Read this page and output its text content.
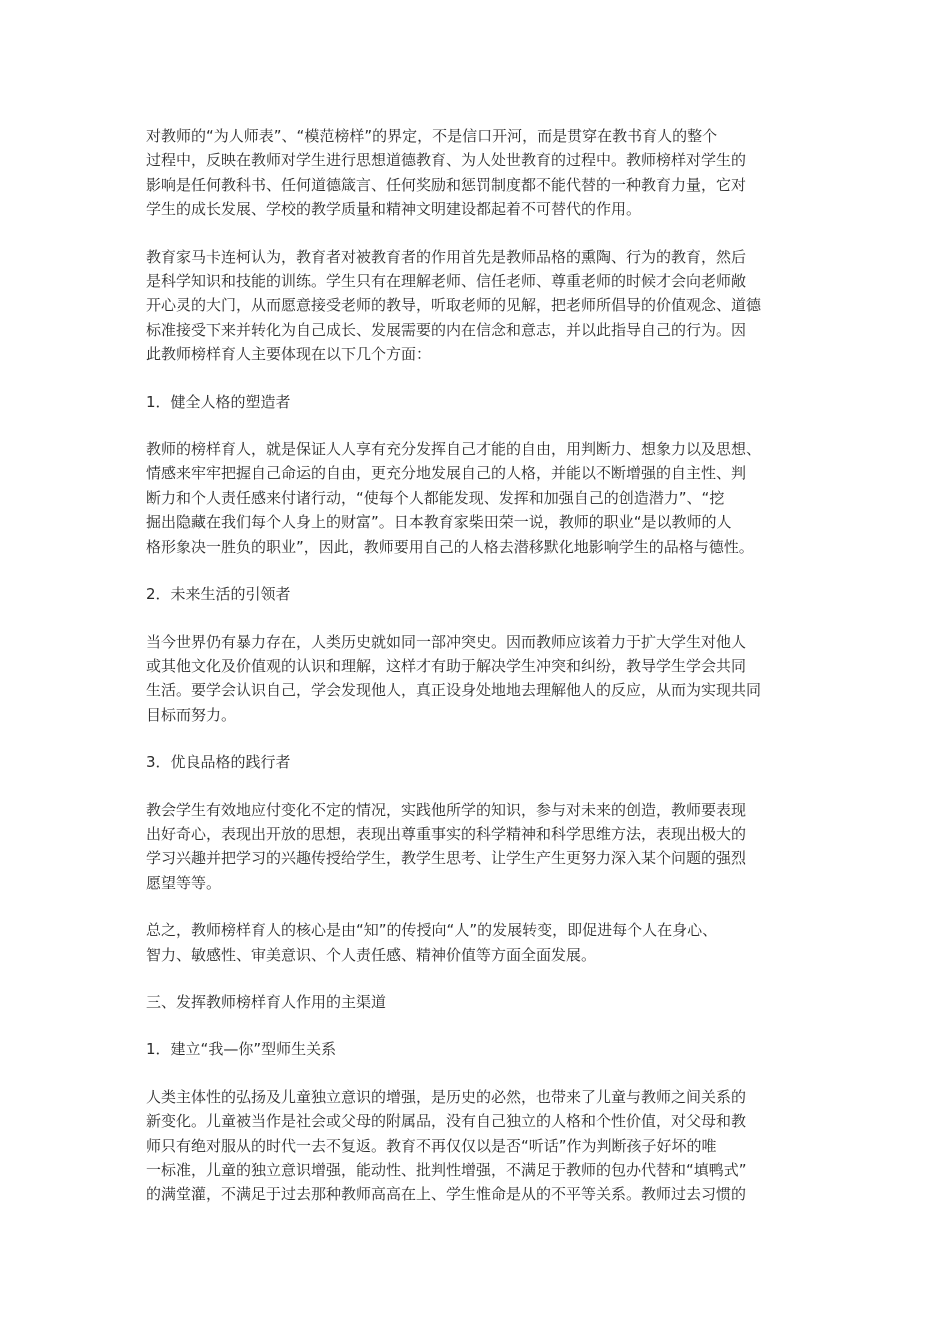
对教师的“为人师表”、“模范榜样”的界定，不是信口开河，而是贯穿在教书育人的整个
过程中，反映在教师对学生进行思想道德教育、为人处世教育的过程中。教师榜样对学生的
影响是任何教科书、任何道德箴言、任何奖励和惩罚制度都不能代替的一种教育力量，它对
学生的成长发展、学校的教学质量和精神文明建设都起着不可替代的作用。
教育家马卡连柯认为，教育者对被教育者的作用首先是教师品格的熏陶、行为的教育，然后
是科学知识和技能的训练。学生只有在理解老师、信任老师、尊重老师的时候才会向老师敞
开心灵的大门，从而愿意接受老师的教导，听取老师的见解，把老师所倡导的价值观念、道德
标准接受下来并转化为自己成长、发展需要的内在信念和意志，并以此指导自己的行为。因
此教师榜样育人主要体现在以下几个方面：
1．健全人格的塑造者
教师的榜样育人，就是保证人人享有充分发挥自己才能的自由，用判断力、想象力以及思想、
情感来牢牢把握自己命运的自由，更充分地发展自己的人格，并能以不断增强的自主性、判
断力和个人责任感来付诸行动，“使每个人都能发现、发挥和加强自己的创造潜力”、“挖
掘出隐藏在我们每个人身上的财富”。日本教育家柴田荣一说，教师的职业“是以教师的人
格形象决一胜负的职业”，因此，教师要用自己的人格去潜移默化地影响学生的品格与德性。
2．未来生活的引领者
当今世界仍有暴力存在，人类历史就如同一部冲突史。因而教师应该着力于扩大学生对他人
或其他文化及价值观的认识和理解，这样才有助于解决学生冲突和纠纷，教导学生学会共同
生活。要学会认识自己，学会发现他人，真正设身处地地去理解他人的反应，从而为实现共同
目标而努力。
3．优良品格的践行者
教会学生有效地应付变化不定的情况，实践他所学的知识，参与对未来的创造，教师要表现
出好奇心，表现出开放的思想，表现出尊重事实的科学精神和科学思维方法，表现出极大的
学习兴趣并把学习的兴趣传授给学生，教学生思考、让学生产生更努力深入某个问题的强烈
愿望等等。
总之，教师榜样育人的核心是由“知”的传授向“人”的发展转变，即促进每个人在身心、
智力、敏感性、审美意识、个人责任感、精神价值等方面全面发展。
三、发挥教师榜样育人作用的主渠道
1．建立“我—你”型师生关系
人类主体性的弘扬及儿童独立意识的增强，是历史的必然，也带来了儿童与教师之间关系的
新变化。儿童被当作是社会或父母的附属品，没有自己独立的人格和个性价值，对父母和教
师只有绝对服从的时代一去不复返。教育不再仅仅以是否“听话”作为判断孩子好坏的唯
一标准，儿童的独立意识增强，能动性、批判性增强，不满足于教师的包办代替和“填鸭式”
的满堂灌，不满足于过去那种教师高高在上、学生惟命是从的不平等关系。教师过去习惯的
